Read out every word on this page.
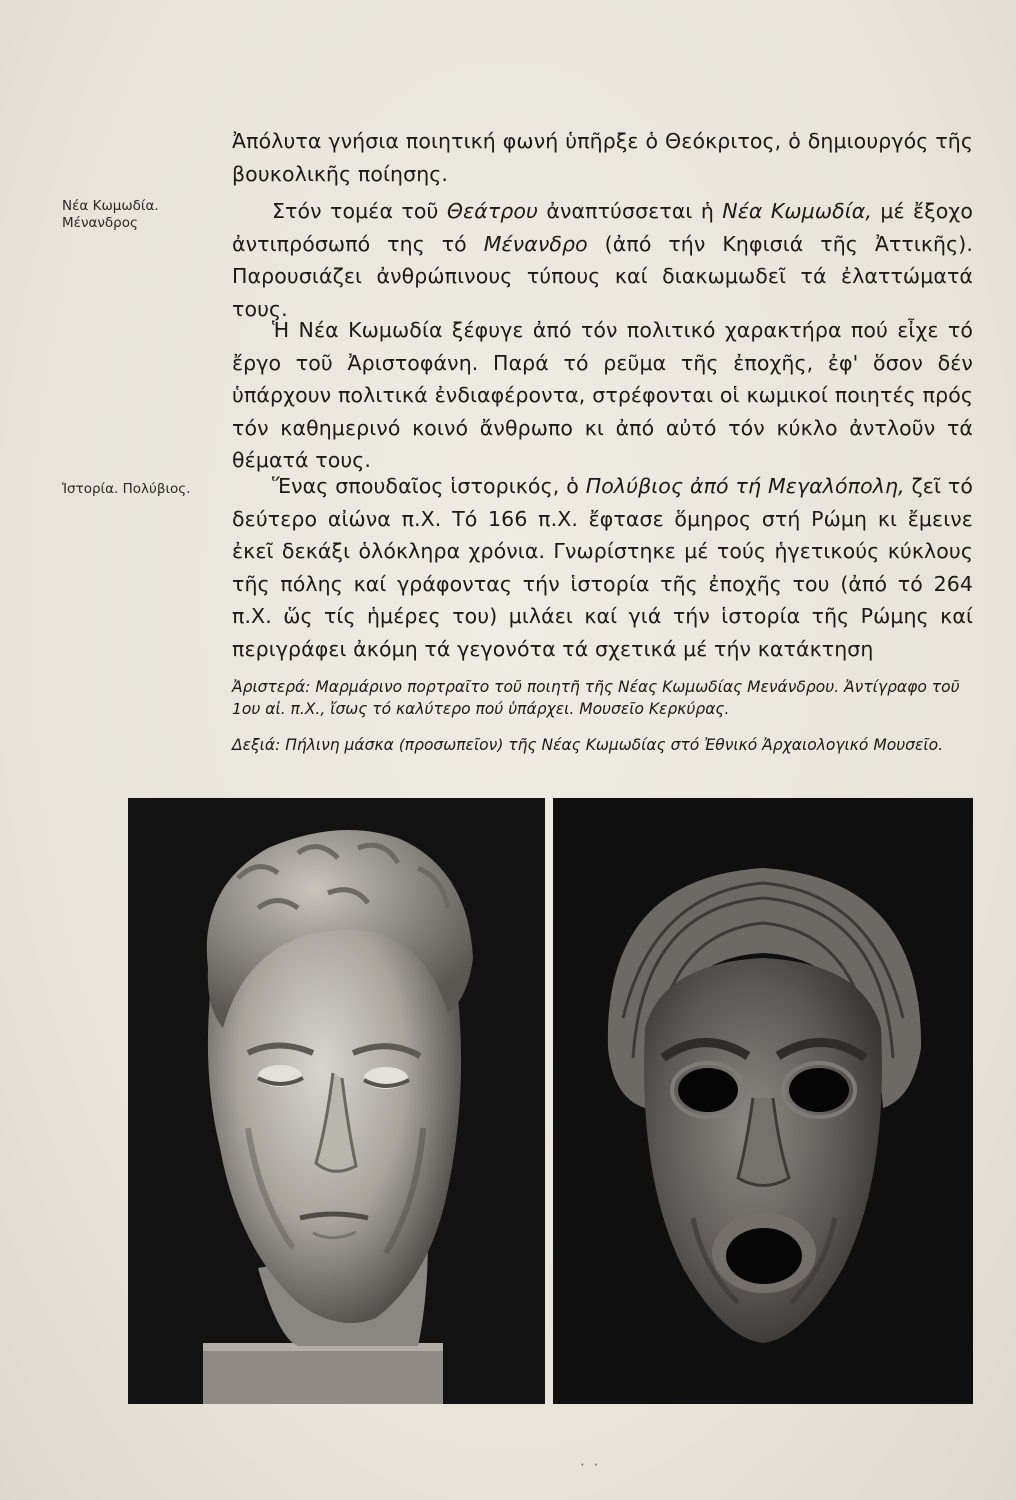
Νέα Κωμωδία.
Μένανδρος
Ἱστορία. Πολύβιος.

Ἀπόλυτα γνήσια ποιητική φωνή ὑπῆρξε ὁ Θεόκριτος, ὁ δημιουργός τῆς βουκολικῆς ποίησης.

Στόν τομέα τοῦ Θεάτρου ἀναπτύσσεται ἡ Νέα Κωμωδία, μέ ἔξοχο ἀντιπρόσωπό της τό Μένανδρο (ἀπό τήν Κηφισιά τῆς Ἀττικῆς). Παρουσιάζει ἀνθρώπινους τύπους καί διακωμωδεῖ τά ἐλαττώματά τους.

Ἡ Νέα Κωμωδία ξέφυγε ἀπό τόν πολιτικό χαρακτήρα πού εἶχε τό ἔργο τοῦ Ἀριστοφάνη. Παρά τό ρεῦμα τῆς ἐποχῆς, ἐφ' ὅσον δέν ὑπάρχουν πολιτικά ἐνδιαφέροντα, στρέφονται οἱ κωμικοί ποιητές πρός τόν καθημερινό κοινό ἄνθρωπο κι ἀπό αὐτό τόν κύκλο ἀντλοῦν τά θέματά τους.

Ἕνας σπουδαῖος ἱστορικός, ὁ Πολύβιος ἀπό τή Μεγαλόπολη, ζεῖ τό δεύτερο αἰώνα π.Χ. Τό 166 π.Χ. ἔφτασε ὅμηρος στή Ρώμη κι ἔμεινε ἐκεῖ δεκάξι ὁλόκληρα χρόνια. Γνωρίστηκε μέ τούς ἡγετικούς κύκλους τῆς πόλης καί γράφοντας τήν ἱστορία τῆς ἐποχῆς του (ἀπό τό 264 π.Χ. ὥς τίς ἡμέρες του) μιλάει καί γιά τήν ἱστορία τῆς Ρώμης καί περιγράφει ἀκόμη τά γεγονότα τά σχετικά μέ τήν κατάκτηση

Ἀριστερά: Μαρμάρινο πορτραῖτο τοῦ ποιητῆ τῆς Νέας Κωμωδίας Μενάνδρου. Ἀντίγραφο τοῦ 1ου αἰ. π.Χ., ἴσως τό καλύτερο πού ὑπάρχει. Μουσεῖο Κερκύρας.

Δεξιά: Πήλινη μάσκα (προσωπεῖον) τῆς Νέας Κωμωδίας στό Ἐθνικό Ἀρχαιολογικό Μουσεῖο.

· ·
